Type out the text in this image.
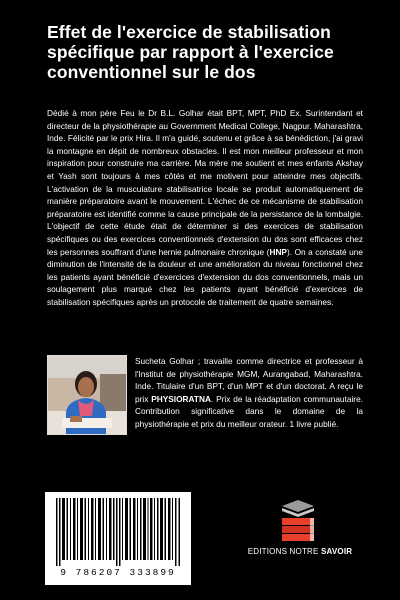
Effet de l'exercice de stabilisation spécifique par rapport à l'exercice conventionnel sur le dos
Dédié à mon père Feu le Dr B.L. Golhar était BPT, MPT, PhD Ex. Surintendant et directeur de la physiothérapie au Government Medical College, Nagpur. Maharashtra, Inde. Félicité par le prix Hira. Il m'a guidé, soutenu et grâce à sa bénédiction, j'ai gravi la montagne en dépit de nombreux obstacles. Il est mon meilleur professeur et mon inspiration pour construire ma carrière. Ma mère me soutient et mes enfants Akshay et Yash sont toujours à mes côtés et me motivent pour atteindre mes objectifs. L'activation de la musculature stabilisatrice locale se produit automatiquement de manière préparatoire avant le mouvement. L'échec de ce mécanisme de stabilisation préparatoire est identifié comme la cause principale de la persistance de la lombalgie. L'objectif de cette étude était de déterminer si des exercices de stabilisation spécifiques ou des exercices conventionnels d'extension du dos sont efficaces chez les personnes souffrant d'une hernie pulmonaire chronique (HNP). On a constaté une diminution de l'intensité de la douleur et une amélioration du niveau fonctionnel chez les patients ayant bénéficié d'exercices d'extension du dos conventionnels, mais un soulagement plus marqué chez les patients ayant bénéficié d'exercices de stabilisation spécifiques après un protocole de traitement de quatre semaines.
Sucheta Golhar ; travaille comme directrice et professeur à l'Institut de physiothérapie MGM, Aurangabad, Maharashtra. Inde. Titulaire d'un BPT, d'un MPT et d'un doctorat. A reçu le prix PHYSIORATNA. Prix de la réadaptation communautaire. Contribution significative dans le domaine de la physiothérapie et prix du meilleur orateur. 1 livre publié.
9 786207 333899
EDITIONS NOTRE SAVOIR
